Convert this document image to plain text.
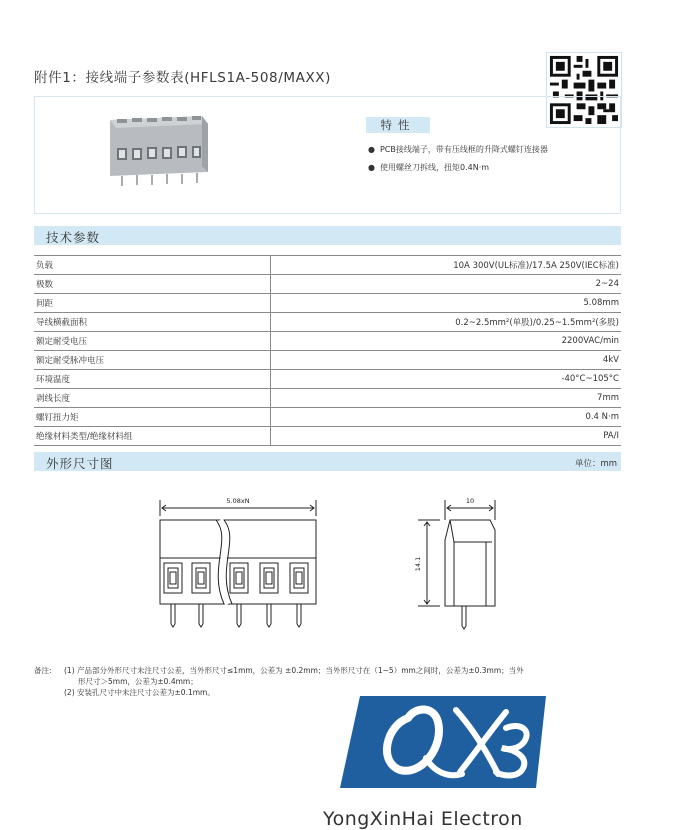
附件1：接线端子参数表(HFLS1A-508/MAXX)
特性
● PCB接线端子，带有压线框的升降式螺钉连接器
● 使用螺丝刀拆线，扭矩0.4N·m
技术参数
负载	10A 300V(UL标准)/17.5A 250V(IEC标准)
极数	2~24
间距	5.08mm
导线横截面积	0.2~2.5mm²(单股)/0.25~1.5mm²(多股)
额定耐受电压	2200VAC/min
额定耐受脉冲电压	4kV
环境温度	-40°C~105°C
剥线长度	7mm
螺钉扭力矩	0.4 N·m
绝缘材料类型/绝缘材料组	PA/I
外形尺寸图	单位：mm
5.08xN	10
14.1
备注: (1) 产品部分外形尺寸未注尺寸公差，当外形尺寸≤1mm，公差为 ±0.2mm；当外形尺寸在（1~5）mm之间时，公差为±0.3mm；当外
形尺寸＞5mm，公差为±0.4mm；
(2) 安装孔尺寸中未注尺寸公差为±0.1mm。
YongXinHai Electron
